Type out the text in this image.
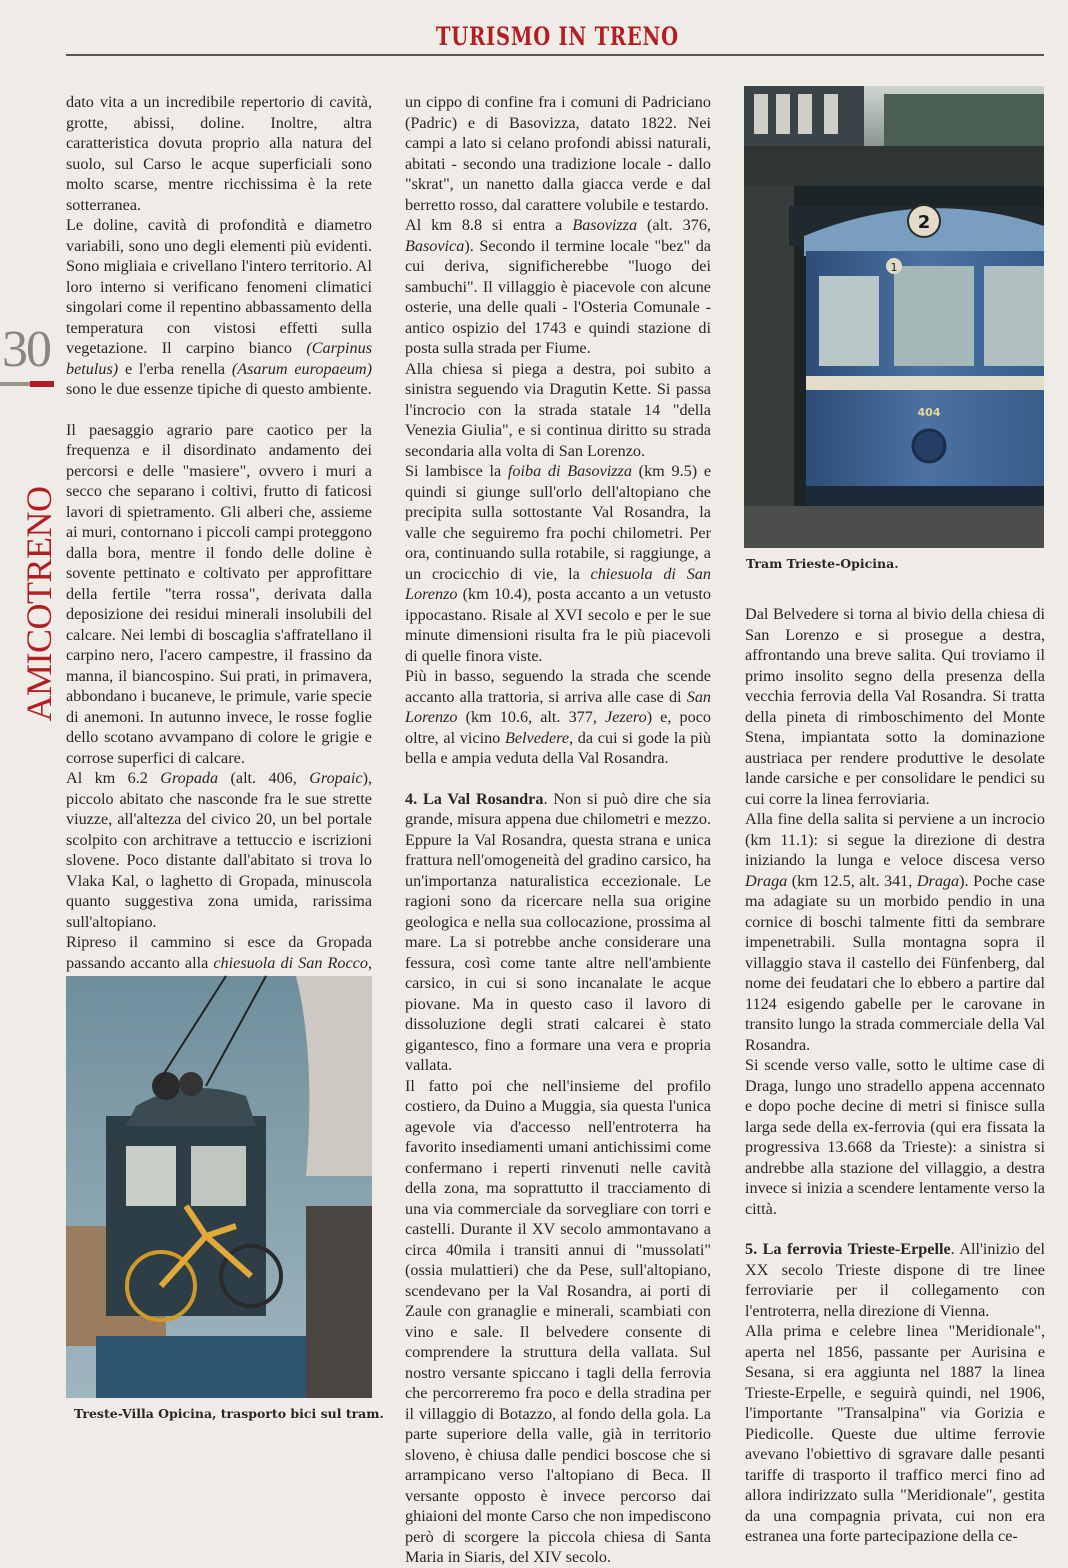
TURISMO IN TRENO
30
AMICOTRENO

dato vita a un incredibile repertorio di cavità, grotte, abissi, doline. Inoltre, altra caratteristica dovuta proprio alla natura del suolo, sul Carso le acque superficiali sono molto scarse, mentre ricchissima è la rete sotterranea.

Le doline, cavità di profondità e diametro variabili, sono uno degli elementi più evidenti. Sono migliaia e crivellano l'intero territorio. Al loro interno si verificano fenomeni climatici singolari come il repentino abbassamento della temperatura con vistosi effetti sulla vegetazione. Il carpino bianco (Carpinus betulus) e l'erba renella (Asarum europaeum) sono le due essenze tipiche di questo ambiente.

Il paesaggio agrario pare caotico per la frequenza e il disordinato andamento dei percorsi e delle "masiere", ovvero i muri a secco che separano i coltivi, frutto di faticosi lavori di spietramento. Gli alberi che, assieme ai muri, contornano i piccoli campi proteggono dalla bora, mentre il fondo delle doline è sovente pettinato e coltivato per approfittare della fertile "terra rossa", derivata dalla deposizione dei residui minerali insolubili del calcare. Nei lembi di boscaglia s'affratellano il carpino nero, l'acero campestre, il frassino da manna, il biancospino. Sui prati, in primavera, abbondano i bucaneve, le primule, varie specie di anemoni. In autunno invece, le rosse foglie dello scotano avvampano di colore le grigie e corrose superfici di calcare.

Al km 6.2 Gropada (alt. 406, Gropaic), piccolo abitato che nasconde fra le sue strette viuzze, all'altezza del civico 20, un bel portale scolpito con architrave a tettuccio e iscrizioni slovene. Poco distante dall'abitato si trova lo Vlaka Kal, o laghetto di Gropada, minuscola quanto suggestiva zona umida, rarissima sull'altopiano.

Ripreso il cammino si esce da Gropada passando accanto alla chiesuola di San Rocco,

un cippo di confine fra i comuni di Padriciano (Padric) e di Basovizza, datato 1822. Nei campi a lato si celano profondi abissi naturali, abitati - secondo una tradizione locale - dallo "skrat", un nanetto dalla giacca verde e dal berretto rosso, dal carattere volubile e testardo.

Al km 8.8 si entra a Basovizza (alt. 376, Basovica). Secondo il termine locale "bez" da cui deriva, significherebbe "luogo dei sambuchi". Il villaggio è piacevole con alcune osterie, una delle quali - l'Osteria Comunale - antico ospizio del 1743 e quindi stazione di posta sulla strada per Fiume.

Alla chiesa si piega a destra, poi subito a sinistra seguendo via Dragutin Kette. Si passa l'incrocio con la strada statale 14 "della Venezia Giulia", e si continua diritto su strada secondaria alla volta di San Lorenzo.

Si lambisce la foiba di Basovizza (km 9.5) e quindi si giunge sull'orlo dell'altopiano che precipita sulla sottostante Val Rosandra, la valle che seguiremo fra pochi chilometri. Per ora, continuando sulla rotabile, si raggiunge, a un crocicchio di vie, la chiesuola di San Lorenzo (km 10.4), posta accanto a un vetusto ippocastano. Risale al XVI secolo e per le sue minute dimensioni risulta fra le più piacevoli di quelle finora viste.

Più in basso, seguendo la strada che scende accanto alla trattoria, si arriva alle case di San Lorenzo (km 10.6, alt. 377, Jezero) e, poco oltre, al vicino Belvedere, da cui si gode la più bella e ampia veduta della Val Rosandra.

4. La Val Rosandra. Non si può dire che sia grande, misura appena due chilometri e mezzo. Eppure la Val Rosandra, questa strana e unica frattura nell'omogeneità del gradino carsico, ha un'importanza naturalistica eccezionale. Le ragioni sono da ricercare nella sua origine geologica e nella sua collocazione, prossima al mare. La si potrebbe anche considerare una fessura, così come tante altre nell'ambiente carsico, in cui si sono incanalate le acque piovane. Ma in questo caso il lavoro di dissoluzione degli strati calcarei è stato gigantesco, fino a formare una vera e propria vallata.

Il fatto poi che nell'insieme del profilo costiero, da Duino a Muggia, sia questa l'unica agevole via d'accesso nell'entroterra ha favorito insediamenti umani antichissimi come confermano i reperti rinvenuti nelle cavità della zona, ma soprattutto il tracciamento di una via commerciale da sorvegliare con torri e castelli. Durante il XV secolo ammontavano a circa 40mila i transiti annui di "mussolati" (ossia mulattieri) che da Pese, sull'altopiano, scendevano per la Val Rosandra, ai porti di Zaule con granaglie e minerali, scambiati con vino e sale. Il belvedere consente di comprendere la struttura della vallata. Sul nostro versante spiccano i tagli della ferrovia che percorreremo fra poco e della stradina per il villaggio di Botazzo, al fondo della gola. La parte superiore della valle, già in territorio sloveno, è chiusa dalle pendici boscose che si arrampicano verso l'altopiano di Beca. Il versante opposto è invece percorso dai ghiaioni del monte Carso che non impediscono però di scorgere la piccola chiesa di Santa Maria in Siaris, del XIV secolo.

Dal Belvedere si torna al bivio della chiesa di San Lorenzo e si prosegue a destra, affrontando una breve salita. Qui troviamo il primo insolito segno della presenza della vecchia ferrovia della Val Rosandra. Si tratta della pineta di rimboschimento del Monte Stena, impiantata sotto la dominazione austriaca per rendere produttive le desolate lande carsiche e per consolidare le pendici su cui corre la linea ferroviaria.

Alla fine della salita si perviene a un incrocio (km 11.1): si segue la direzione di destra iniziando la lunga e veloce discesa verso Draga (km 12.5, alt. 341, Draga). Poche case ma adagiate su un morbido pendio in una cornice di boschi talmente fitti da sembrare impenetrabili. Sulla montagna sopra il villaggio stava il castello dei Fünfenberg, dal nome dei feudatari che lo ebbero a partire dal 1124 esigendo gabelle per le carovane in transito lungo la strada commerciale della Val Rosandra.

Si scende verso valle, sotto le ultime case di Draga, lungo uno stradello appena accennato e dopo poche decine di metri si finisce sulla larga sede della ex-ferrovia (qui era fissata la progressiva 13.668 da Trieste): a sinistra si andrebbe alla stazione del villaggio, a destra invece si inizia a scendere lentamente verso la città.

5. La ferrovia Trieste-Erpelle. All'inizio del XX secolo Trieste dispone di tre linee ferroviarie per il collegamento con l'entroterra, nella direzione di Vienna.

Alla prima e celebre linea "Meridionale", aperta nel 1856, passante per Aurisina e Sesana, si era aggiunta nel 1887 la linea Trieste-Erpelle, e seguirà quindi, nel 1906, l'importante "Transalpina" via Gorizia e Piedicolle. Queste due ultime ferrovie avevano l'obiettivo di sgravare dalle pesanti tariffe di trasporto il traffico merci fino ad allora indirizzato sulla "Meridionale", gestita da una compagnia privata, cui non era estranea una forte partecipazione della ce-

2
1
404
Tram Trieste-Opicina.
Treste-Villa Opicina, trasporto bici sul tram.
